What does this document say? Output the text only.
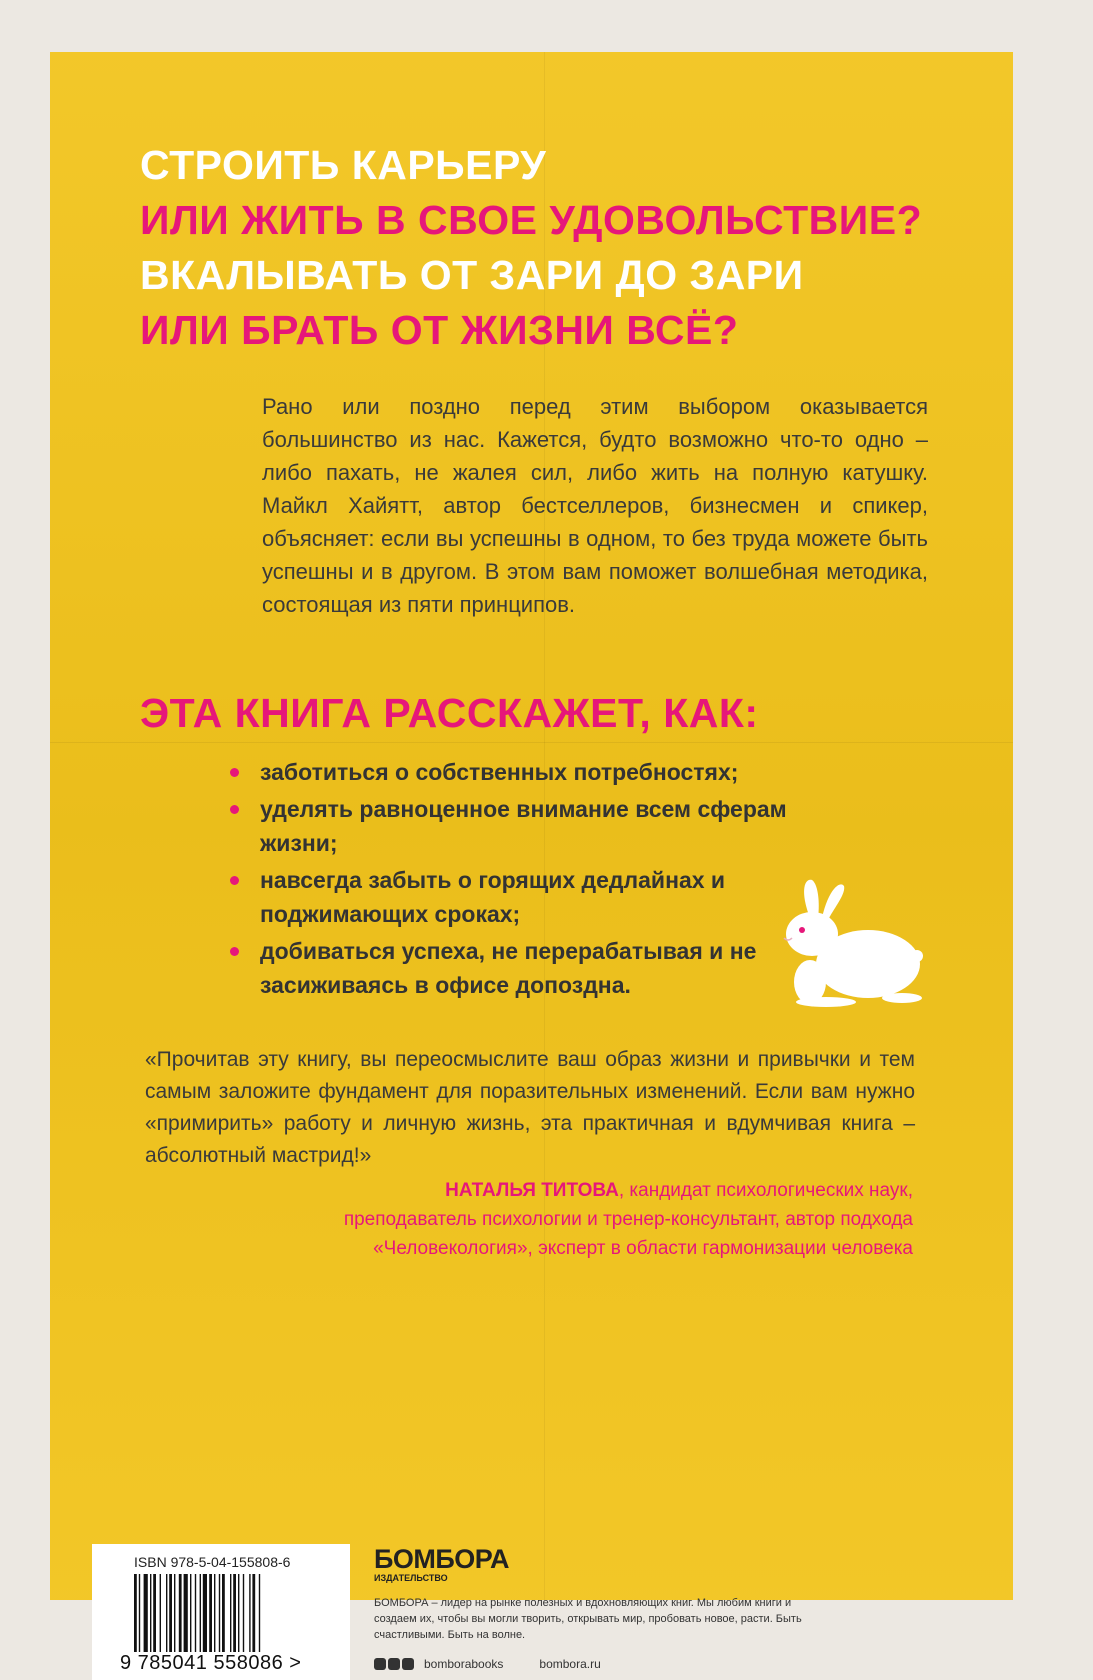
СТРОИТЬ КАРЬЕРУ
ИЛИ ЖИТЬ В СВОЕ УДОВОЛЬСТВИЕ?
ВКАЛЫВАТЬ ОТ ЗАРИ ДО ЗАРИ
ИЛИ БРАТЬ ОТ ЖИЗНИ ВСЁ?
Рано или поздно перед этим выбором оказывается большинство из нас. Кажется, будто возможно что-то одно – либо пахать, не жалея сил, либо жить на полную катушку. Майкл Хайятт, автор бестселлеров, бизнесмен и спикер, объясняет: если вы успешны в одном, то без труда можете быть успешны и в другом. В этом вам поможет волшебная методика, состоящая из пяти принципов.
ЭТА КНИГА РАССКАЖЕТ, КАК:
заботиться о собственных потребностях;
уделять равноценное внимание всем сферам жизни;
навсегда забыть о горящих дедлайнах и поджимающих сроках;
добиваться успеха, не перерабатывая и не засиживаясь в офисе допоздна.
«Прочитав эту книгу, вы переосмыслите ваш образ жизни и привычки и тем самым заложите фундамент для поразительных изменений. Если вам нужно «примирить» работу и личную жизнь, эта практичная и вдумчивая книга – абсолютный мастрид!»
НАТАЛЬЯ ТИТОВА, кандидат психологических наук, преподаватель психологии и тренер-консультант, автор подхода «Человекология», эксперт в области гармонизации человека
ISBN 978-5-04-155808-6
9 785041 558086 >
БОМБОРА
ИЗДАТЕЛЬСТВО
БОМБОРА – лидер на рынке полезных и вдохновляющих книг. Мы любим книги и создаем их, чтобы вы могли творить, открывать мир, пробовать новое, расти. Быть счастливыми. Быть на волне.
bomborabooks	bombora.ru
